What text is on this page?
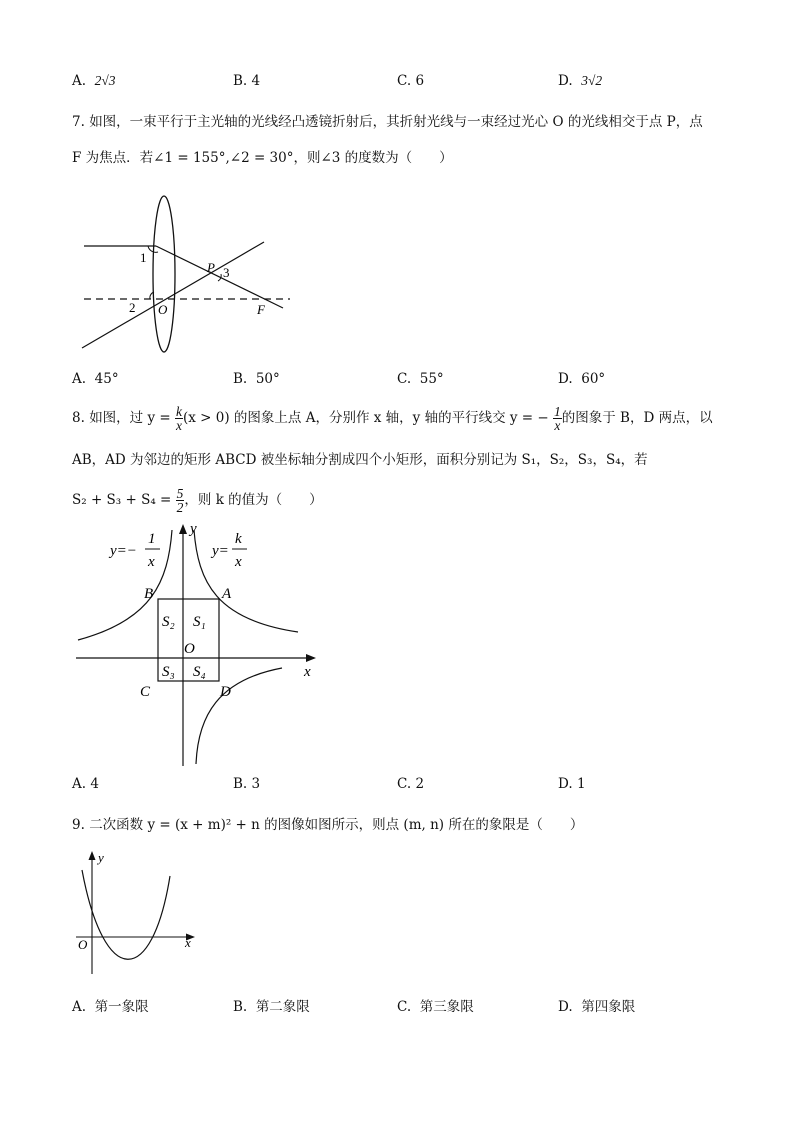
A. 2√3	B. 4	C. 6	D. 3√2
7. 如图，一束平行于主光轴的光线经凸透镜折射后，其折射光线与一束经过光心 O 的光线相交于点 P，点
F 为焦点．若∠1 = 155°,∠2 = 30°，则∠3 的度数为（　　）
1
2
3
P
O	F
A. 45°	B. 50°	C. 55°	D. 60°
8. 如图，过 $y = \frac{k}{x} (x > 0)$ 的图象上点 A，分别作 x 轴，y 轴的平行线交 y = − $\frac{1}{x}$ 的图象于 B，D 两点，以
AB，AD 为邻边的矩形 ABCD 被坐标轴分割成四个小矩形，面积分别记为 S₁，S₂，S₃，S₄，若
$S_2 + S_3 + S_4 = \frac{5}{2}$ ，则 k 的值为（　　）
y=−
1
x
y=
k
x
y
x
O
A
B
C	D
S₁
S₂
S₃ S₄
A. 4	B. 3	C. 2	D. 1
9. 二次函数 y = (x + m)² + n 的图像如图所示，则点 (m, n) 所在的象限是（　　）
y
x
O
A. 第一象限	B. 第二象限	C. 第三象限	D. 第四象限
